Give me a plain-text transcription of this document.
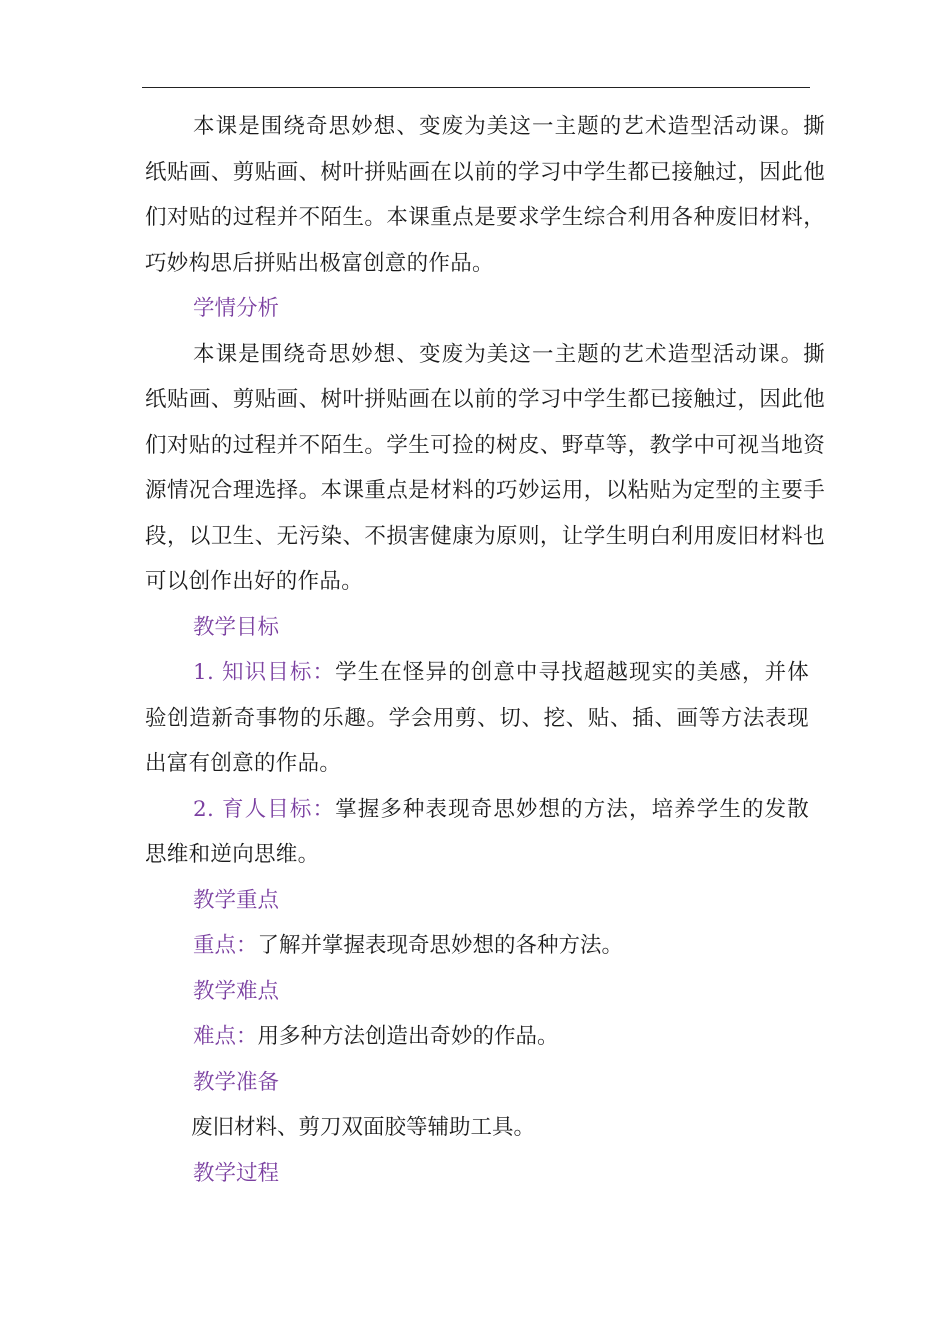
本课是围绕奇思妙想、变废为美这一主题的艺术造型活动课。撕纸贴画、剪贴画、树叶拼贴画在以前的学习中学生都已接触过，因此他们对贴的过程并不陌生。本课重点是要求学生综合利用各种废旧材料，巧妙构思后拼贴出极富创意的作品。

学情分析

本课是围绕奇思妙想、变废为美这一主题的艺术造型活动课。撕纸贴画、剪贴画、树叶拼贴画在以前的学习中学生都已接触过，因此他们对贴的过程并不陌生。学生可捡的树皮、野草等，教学中可视当地资源情况合理选择。本课重点是材料的巧妙运用，以粘贴为定型的主要手段，以卫生、无污染、不损害健康为原则，让学生明白利用废旧材料也可以创作出好的作品。

教学目标

1. 知识目标：学生在怪异的创意中寻找超越现实的美感，并体验创造新奇事物的乐趣。学会用剪、切、挖、贴、插、画等方法表现出富有创意的作品。

2. 育人目标：掌握多种表现奇思妙想的方法，培养学生的发散思维和逆向思维。

教学重点

重点：了解并掌握表现奇思妙想的各种方法。

教学难点

难点：用多种方法创造出奇妙的作品。

教学准备

废旧材料、剪刀双面胶等辅助工具。

教学过程
